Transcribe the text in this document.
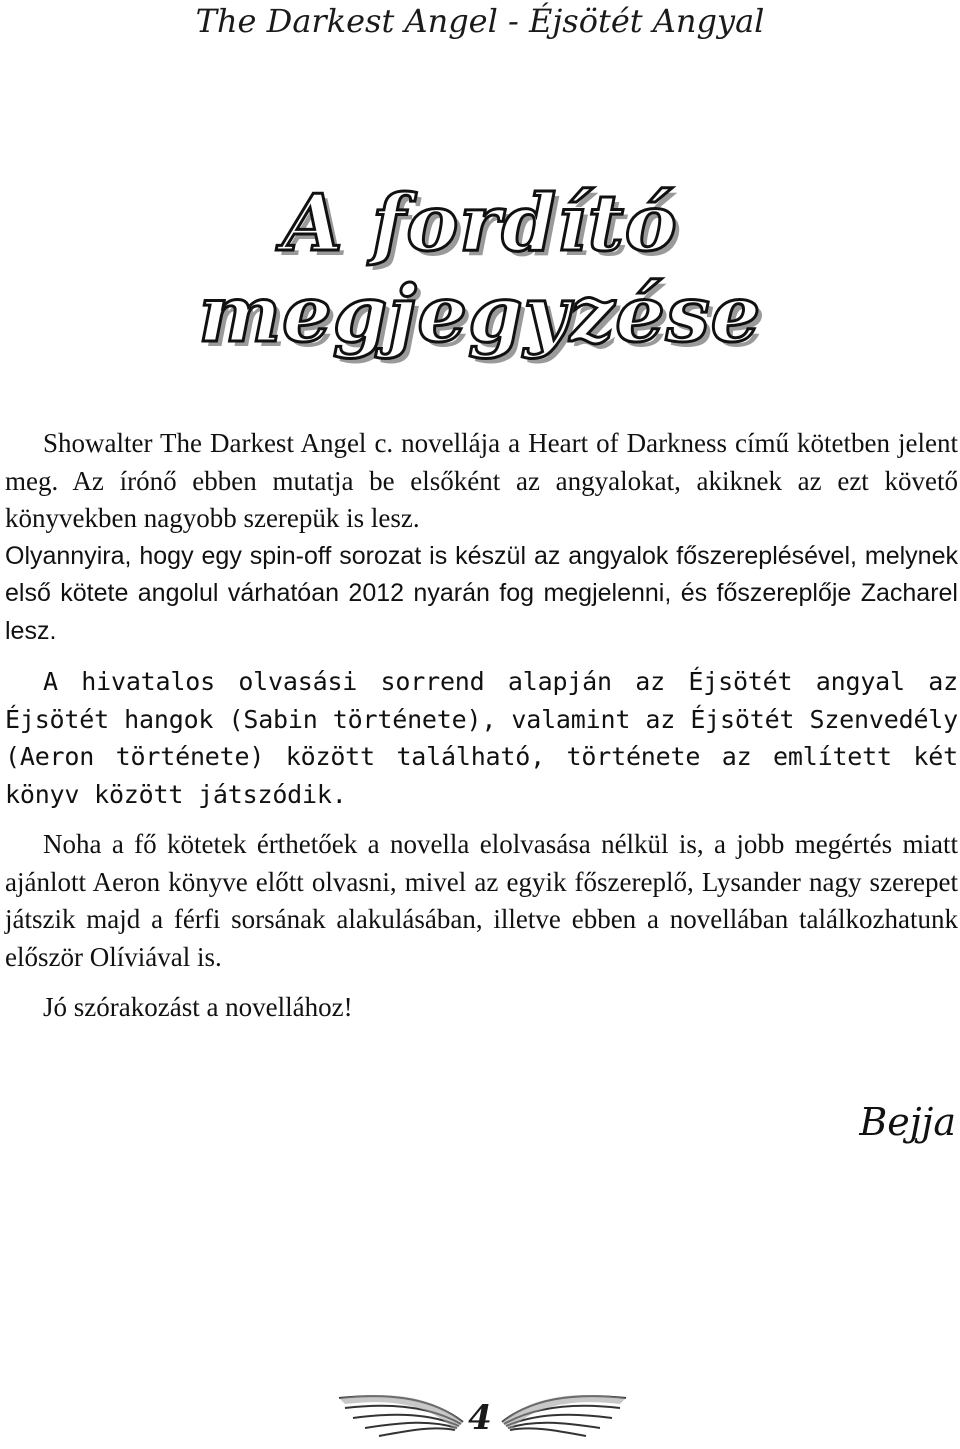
The Darkest Angel - Éjsötét Angyal
A fordító megjegyzése

Showalter The Darkest Angel c. novellája a Heart of Darkness című kötetben jelent meg. Az írónő ebben mutatja be elsőként az angyalokat, akiknek az ezt követő könyvekben nagyobb szerepük is lesz.

Olyannyira, hogy egy spin-off sorozat is készül az angyalok főszereplésével, melynek első kötete angolul várhatóan 2012 nyarán fog megjelenni, és főszereplője Zacharel lesz.

A hivatalos olvasási sorrend alapján az Éjsötét angyal az Éjsötét hangok (Sabin története), valamint az Éjsötét Szenvedély (Aeron története) között található, története az említett két könyv között játszódik.

Noha a fő kötetek érthetőek a novella elolvasása nélkül is, a jobb megértés miatt ajánlott Aeron könyve előtt olvasni, mivel az egyik főszereplő, Lysander nagy szerepet játszik majd a férfi sorsának alakulásában, illetve ebben a novellában találkozhatunk először Olíviával is.

Jó szórakozást a novellához!

Bejja
4
